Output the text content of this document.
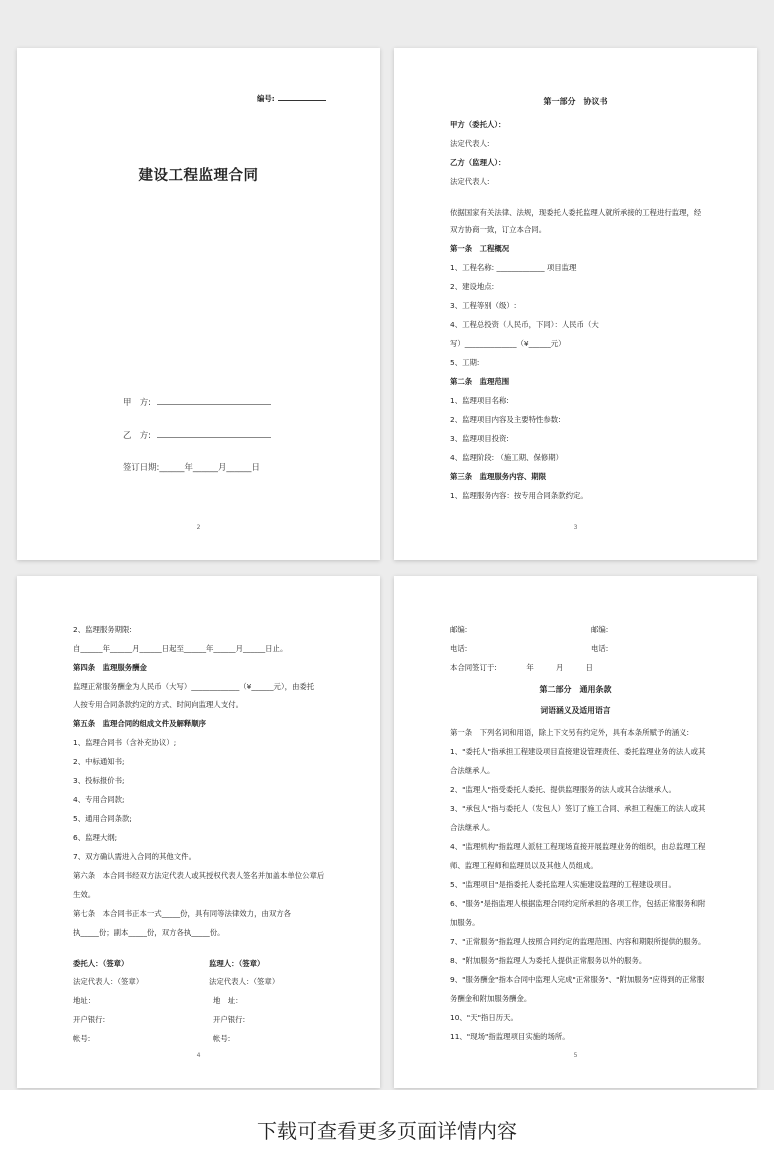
编号:
建设工程监理合同
甲　方:
乙　方:
签订日期:______年______月______日
2
第一部分　协议书
甲方（委托人）：
法定代表人:
乙方（监理人）：
法定代表人:
依据国家有关法律、法规，现委托人委托监理人就所承接的工程进行监理，经
双方协商一致，订立本合同。
第一条　工程概况
1、工程名称: _____________ 项目监理
2、建设地点:
3、工程等别（级）:
4、工程总投资（人民币，下同）：人民币（大
写）______________（¥______元）
5、工期:
第二条　监理范围
1、监理项目名称:
2、监理项目内容及主要特性参数:
3、监理项目投资:
4、监理阶段: （施工期、保修期）
第三条　监理服务内容、期限
1、监理服务内容：按专用合同条款约定。
3
2、监理服务期限:
自______年______月______日起至______年______月______日止。
第四条　监理服务酬金
监理正常服务酬金为人民币（大写）_____________（¥______元），由委托
人按专用合同条款约定的方式、时间向监理人支付。
第五条　监理合同的组成文件及解释顺序
1、监理合同书（含补充协议）;
2、中标通知书;
3、投标报价书;
4、专用合同款;
5、通用合同条款;
6、监理大纲;
7、双方确认需进入合同的其他文件。
第六条　本合同书经双方法定代表人或其授权代表人签名并加盖本单位公章后
生效。
第七条　本合同书正本一式_____份，具有同等法律效力，由双方各
执_____份；副本_____份，双方各执_____份。
委托人：（签章）
法定代表人：（签章）
地址：
开户银行:
帐号:
监理人：（签章）
法定代表人：（签章）
地　址：
开户银行:
帐号:
4
邮编:
电话:
本合同签订于:　　　　年　　　月　　　日
邮编:
电话:
第二部分　通用条款
词语涵义及适用语言
第一条　下列名词和用语，除上下文另有约定外，具有本条所赋予的涵义:
1、"委托人"指承担工程建设项目直接建设管理责任、委托监理业务的法人或其
合法继承人。
2、"监理人"指受委托人委托、提供监理服务的法人或其合法继承人。
3、"承包人"指与委托人（发包人）签订了施工合同、承担工程施工的法人或其
合法继承人。
4、"监理机构"指监理人派驻工程现场直接开展监理业务的组织，由总监理工程
师、监理工程师和监理员以及其他人员组成。
5、"监理项目"是指委托人委托监理人实施建设监理的工程建设项目。
6、"服务"是指监理人根据监理合同约定所承担的各项工作，包括正常服务和附
加服务。
7、"正常服务"指监理人按照合同约定的监理范围、内容和期限所提供的服务。
8、"附加服务"指监理人为委托人提供正常服务以外的服务。
9、"服务酬金"指本合同中监理人完成"正常服务"、"附加服务"应得到的正常服
务酬金和附加服务酬金。
10、"天"指日历天。
11、"现场"指监理项目实施的场所。
5
下载可查看更多页面详情内容
